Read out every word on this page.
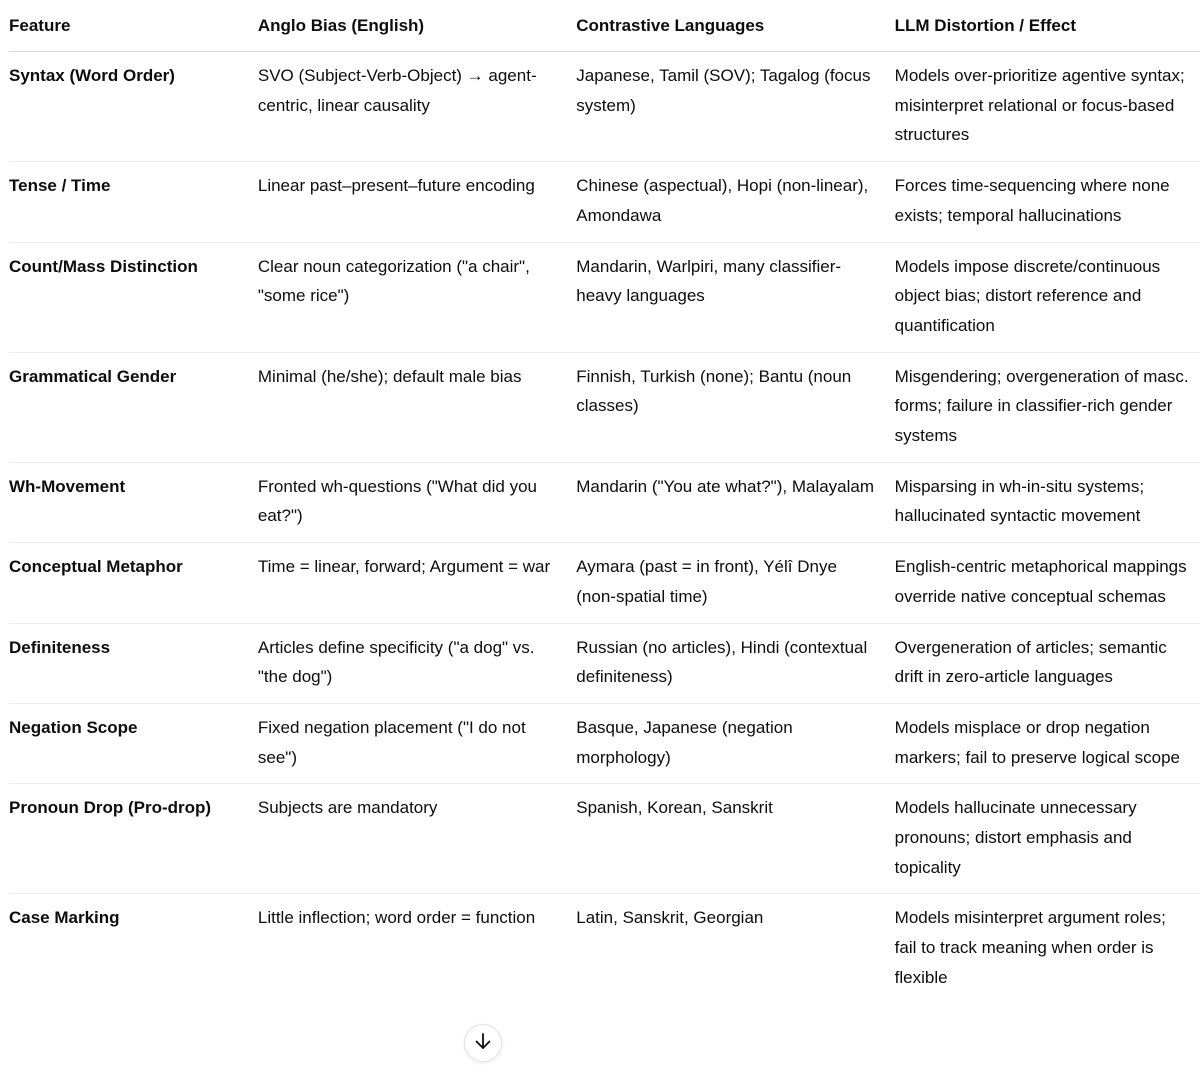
Feature	Anglo Bias (English)	Contrastive Languages	LLM Distortion / Effect
Syntax (Word Order)	SVO (Subject-Verb-Object) → agent-centric, linear causality	Japanese, Tamil (SOV); Tagalog (focus system)	Models over-prioritize agentive syntax; misinterpret relational or focus-based structures
Tense / Time	Linear past–present–future encoding	Chinese (aspectual), Hopi (non-linear), Amondawa	Forces time-sequencing where none exists; temporal hallucinations
Count/Mass Distinction	Clear noun categorization ("a chair", "some rice")	Mandarin, Warlpiri, many classifier-heavy languages	Models impose discrete/continuous object bias; distort reference and quantification
Grammatical Gender	Minimal (he/she); default male bias	Finnish, Turkish (none); Bantu (noun classes)	Misgendering; overgeneration of masc. forms; failure in classifier-rich gender systems
Wh-Movement	Fronted wh-questions ("What did you eat?")	Mandarin ("You ate what?"), Malayalam	Misparsing in wh-in-situ systems; hallucinated syntactic movement
Conceptual Metaphor	Time = linear, forward; Argument = war	Aymara (past = in front), Yélî Dnye (non-spatial time)	English-centric metaphorical mappings override native conceptual schemas
Definiteness	Articles define specificity ("a dog" vs. "the dog")	Russian (no articles), Hindi (contextual definiteness)	Overgeneration of articles; semantic drift in zero-article languages
Negation Scope	Fixed negation placement ("I do not see")	Basque, Japanese (negation morphology)	Models misplace or drop negation markers; fail to preserve logical scope
Pronoun Drop (Pro-drop)	Subjects are mandatory	Spanish, Korean, Sanskrit	Models hallucinate unnecessary pronouns; distort emphasis and topicality
Case Marking	Little inflection; word order = function	Latin, Sanskrit, Georgian	Models misinterpret argument roles; fail to track meaning when order is flexible
